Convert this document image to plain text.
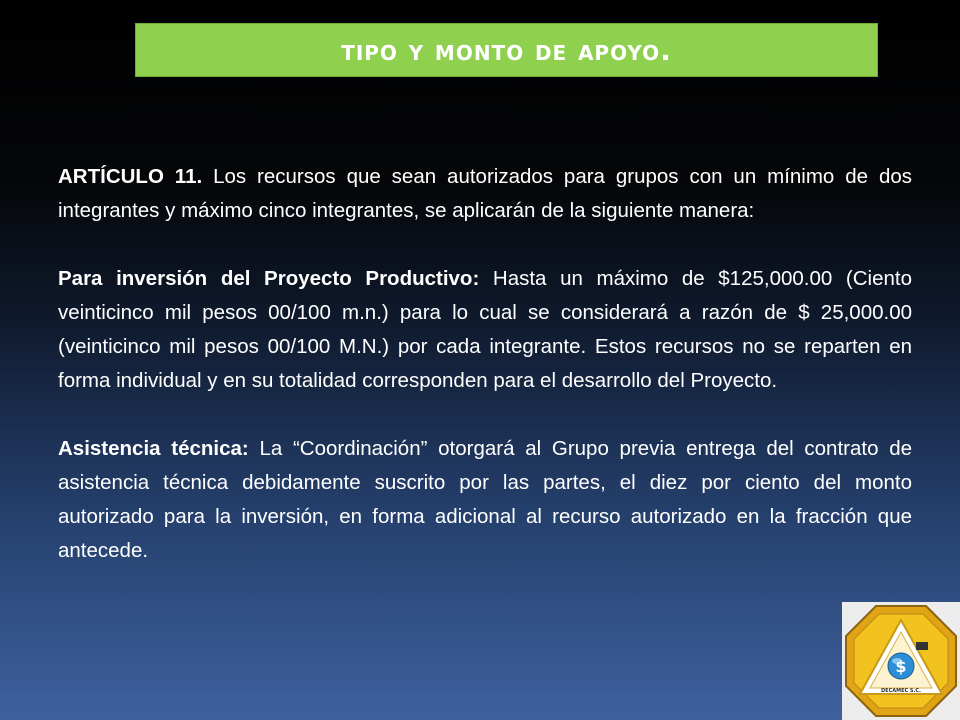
tipo y monto de apoyo.

ARTÍCULO 11. Los recursos que sean autorizados para grupos con un mínimo de dos integrantes y máximo cinco integrantes, se aplicarán de la siguiente manera:

Para inversión del Proyecto Productivo: Hasta un máximo de $125,000.00 (Ciento veinticinco mil pesos 00/100 m.n.) para lo cual se considerará a razón de $ 25,000.00 (veinticinco mil pesos 00/100 M.N.) por cada integrante. Estos recursos no se reparten en forma individual y en su totalidad corresponden para el desarrollo del Proyecto.

Asistencia técnica: La “Coordinación” otorgará al Grupo previa entrega del contrato de asistencia técnica debidamente suscrito por las partes, el diez por ciento del monto autorizado para la inversión, en forma adicional al recurso autorizado en la fracción que antecede.

$
DECAMEC S.C.
